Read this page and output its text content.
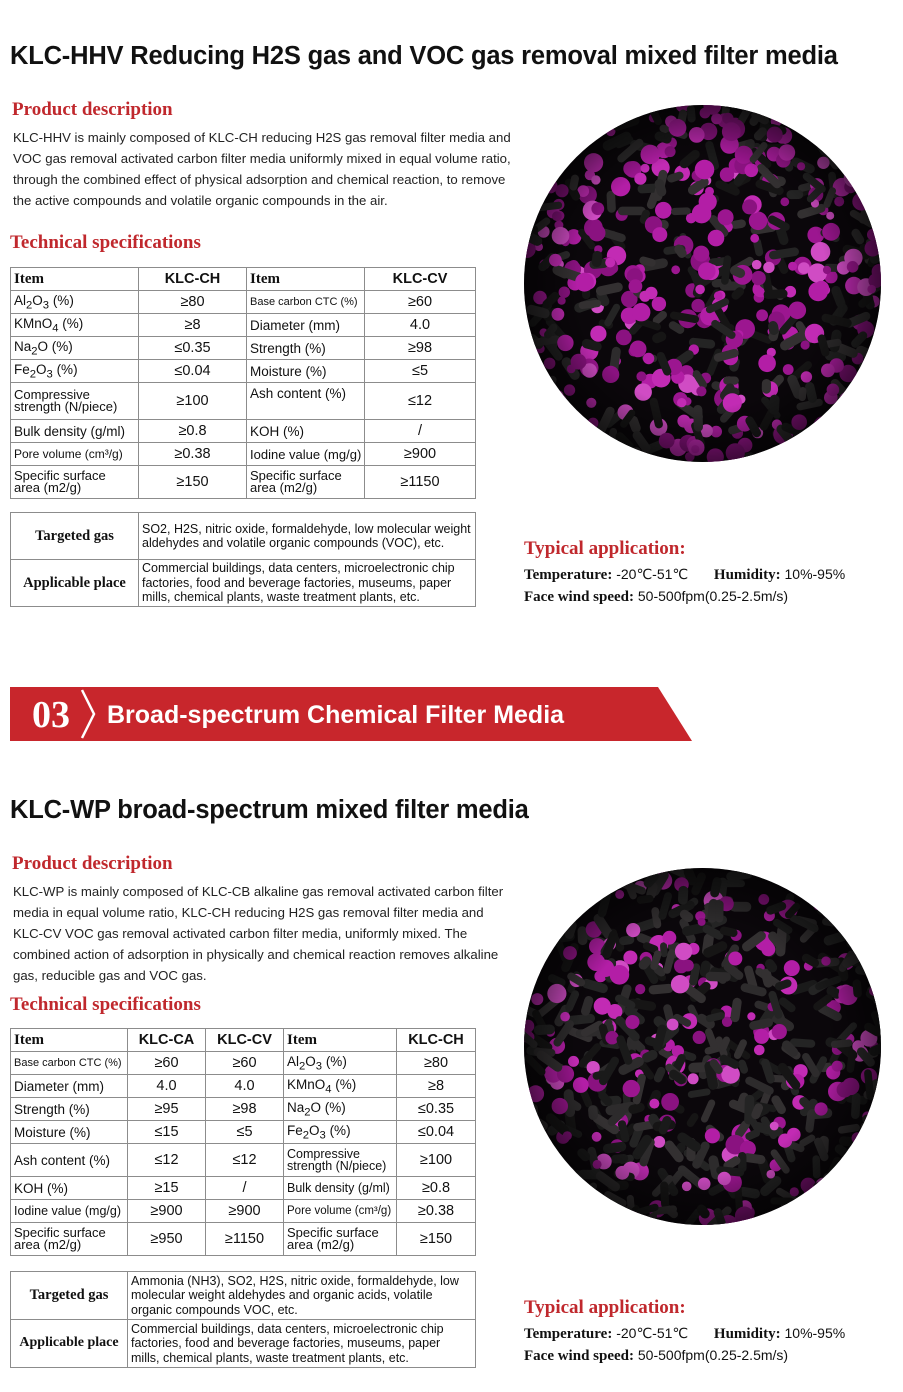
KLC-HHV Reducing H2S gas and VOC gas removal mixed filter media
Product description
KLC-HHV is mainly composed of KLC-CH reducing H2S gas removal filter media and
VOC gas removal activated carbon filter media uniformly mixed in equal volume ratio,
through the combined effect of physical adsorption and chemical reaction, to remove
the active compounds and volatile organic compounds in the air.
Technical specifications
Item	KLC-CH	Item	KLC-CV
$Al_2O_3$ (%)	≥80	Base carbon CTC (%)	≥60
KMnO$_4$ (%)	≥8	Diameter (mm)	4.0
$Na_2O$ (%)	≤0.35	Strength (%)	≥98
$Fe_2O_3$ (%)	≤0.04	Moisture (%)	≤5
Compressive strength (N/piece)	≥100	Ash content (%)	≤12
Bulk density (g/ml)	≥0.8	KOH (%)	/
Pore volume (cm³/g)	≥0.38	Iodine value (mg/g)	≥900
Specific surface area (m2/g)	≥150	Specific surface area (m2/g)	≥1150
Targeted gas	SO2, H2S, nitric oxide, formaldehyde, low molecular weight aldehydes and volatile organic compounds (VOC), etc.
Applicable place	Commercial buildings, data centers, microelectronic chip factories, food and beverage factories, museums, paper mills, chemical plants, waste treatment plants, etc.
Typical application:
Temperature: -20℃-51℃ Humidity: 10%-95%
Face wind speed: 50-500fpm(0.25-2.5m/s)
03	Broad-spectrum Chemical Filter Media
KLC-WP broad-spectrum mixed filter media
Product description
KLC-WP is mainly composed of KLC-CB alkaline gas removal activated carbon filter
media in equal volume ratio, KLC-CH reducing H2S gas removal filter media and
KLC-CV VOC gas removal activated carbon filter media, uniformly mixed. The
combined action of adsorption in physically and chemical reaction removes alkaline
gas, reducible gas and VOC gas.
Technical specifications
Item	KLC-CA	KLC-CV	Item	KLC-CH
Base carbon CTC (%)	≥60	≥60	$Al_2O_3$ (%)	≥80
Diameter (mm)	4.0	4.0	KMnO$_4$ (%)	≥8
Strength (%)	≥95	≥98	$Na_2O$ (%)	≤0.35
Moisture (%)	≤15	≤5	$Fe_2O_3$ (%)	≤0.04
Ash content (%)	≤12	≤12	Compressive strength (N/piece)	≥100
KOH (%)	≥15	/	Bulk density (g/ml)	≥0.8
Iodine value (mg/g)	≥900	≥900	Pore volume (cm³/g)	≥0.38
Specific surface area (m2/g)	≥950	≥1150	Specific surface area (m2/g)	≥150
Targeted gas	Ammonia (NH3), SO2, H2S, nitric oxide, formaldehyde, low molecular weight aldehydes and organic acids, volatile organic compounds VOC, etc.
Applicable place	Commercial buildings, data centers, microelectronic chip factories, food and beverage factories, museums, paper mills, chemical plants, waste treatment plants, etc.
Typical application:
Temperature: -20℃-51℃ Humidity: 10%-95%
Face wind speed: 50-500fpm(0.25-2.5m/s)
